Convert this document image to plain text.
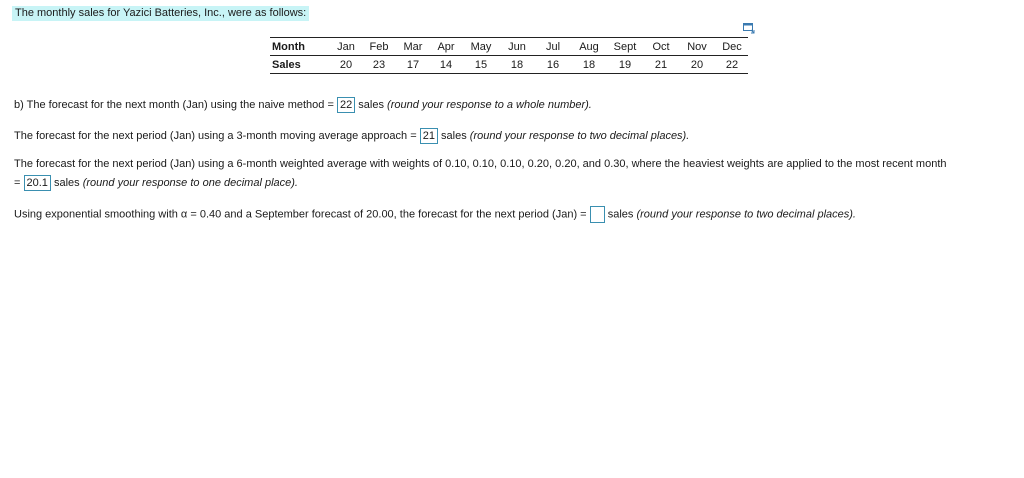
The monthly sales for Yazici Batteries, Inc., were as follows:
Month	Jan	Feb	Mar	Apr	May	Jun	Jul	Aug	Sept	Oct	Nov	Dec
Sales	20	23	17	14	15	18	16	18	19	21	20	22
b) The forecast for the next month (Jan) using the naive method = 22 sales (round your response to a whole number).
The forecast for the next period (Jan) using a 3-month moving average approach = 21 sales (round your response to two decimal places).
The forecast for the next period (Jan) using a 6-month weighted average with weights of 0.10, 0.10, 0.10, 0.20, 0.20, and 0.30, where the heaviest weights are applied to the most recent month
= 20.1 sales (round your response to one decimal place).
Using exponential smoothing with α = 0.40 and a September forecast of 20.00, the forecast for the next period (Jan) = sales (round your response to two decimal places).
